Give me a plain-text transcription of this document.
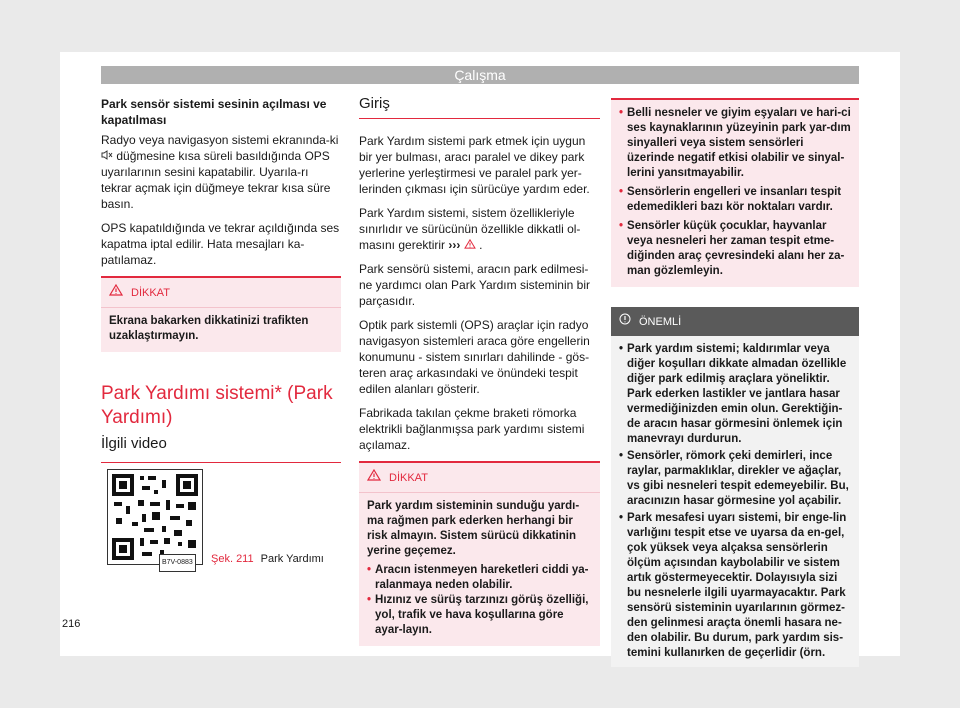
Çalışma

Park sensör sistemi sesinin açılması ve kapatılması

Radyo veya navigasyon sistemi ekranında-ki  düğmesine kısa süreli basıldığında OPS uyarılarının sesini kapatabilir. Uyarıla-rı tekrar açmak için düğmeye tekrar kısa süre basın.

OPS kapatıldığında ve tekrar açıldığında ses kapatma iptal edilir. Hata mesajları ka-patılamaz.

DİKKAT
Ekrana bakarken dikkatinizi trafikten uzaklaştırmayın.
Park Yardımı sistemi* (Park Yardımı)
İlgili video
B7V-0883 Şek. 211 Park Yardımı
Giriş

Park Yardım sistemi park etmek için uygun bir yer bulması, aracı paralel ve dikey park yerlerine yerleştirmesi ve paralel park yer-lerinden çıkması için sürücüye yardım eder.

Park Yardım sistemi, sistem özellikleriyle sınırlıdır ve sürücünün özellikle dikkatli ol-masını gerektirir ››› .

Park sensörü sistemi, aracın park edilmesi-ne yardımcı olan Park Yardım sisteminin bir parçasıdır.

Optik park sistemli (OPS) araçlar için radyo navigasyon sistemleri araca göre engellerin konumunu - sistem sınırları dahilinde - gös-teren araç arkasındaki ve önündeki tespit edilen alanları gösterir.

Fabrikada takılan çekme braketi römorka elektrikli bağlanmışsa park yardımı sistemi açılamaz.

DİKKAT

Park yardım sisteminin sunduğu yardı-ma rağmen park ederken herhangi bir risk almayın. Sistem sürücü dikkatinin yerine geçemez.

• Aracın istenmeyen hareketleri ciddi ya-ralanmaya neden olabilir.
• Hızınız ve sürüş tarzınızı görüş özelliği, yol, trafik ve hava koşullarına göre ayar-layın.
• Belli nesneler ve giyim eşyaları ve hari-ci ses kaynaklarının yüzeyinin park yar-dım sinyalleri veya sistem sensörleri üzerinde negatif etkisi olabilir ve sinyal-lerini yansıtmayabilir.
• Sensörlerin engelleri ve insanları tespit edemedikleri bazı kör noktaları vardır.
• Sensörler küçük çocuklar, hayvanlar veya nesneleri her zaman tespit etme-diğinden araç çevresindeki alanı her za-man gözlemleyin.
ÖNEMLİ
• Park yardım sistemi; kaldırımlar veya diğer koşulları dikkate almadan özellikle diğer park edilmiş araçlara yöneliktir. Park ederken lastikler ve jantlara hasar vermediğinizden emin olun. Gerektiğin-de aracın hasar görmesini önlemek için manevrayı durdurun.
• Sensörler, römork çeki demirleri, ince raylar, parmaklıklar, direkler ve ağaçlar, vs gibi nesneleri tespit edemeyebilir. Bu, aracınızın hasar görmesine yol açabilir.
• Park mesafesi uyarı sistemi, bir enge-lin varlığını tespit etse ve uyarsa da en-gel, çok yüksek veya alçaksa sensörlerin ölçüm açısından kaybolabilir ve sistem artık göstermeyecektir. Dolayısıyla sizi bu nesnelerle ilgili uyarmayacaktır. Park sensörü sisteminin uyarılarının görmez-den gelinmesi araçta önemli hasara ne-den olabilir. Bu durum, park yardım sis-temini kullanırken de geçerlidir (örn.
216
